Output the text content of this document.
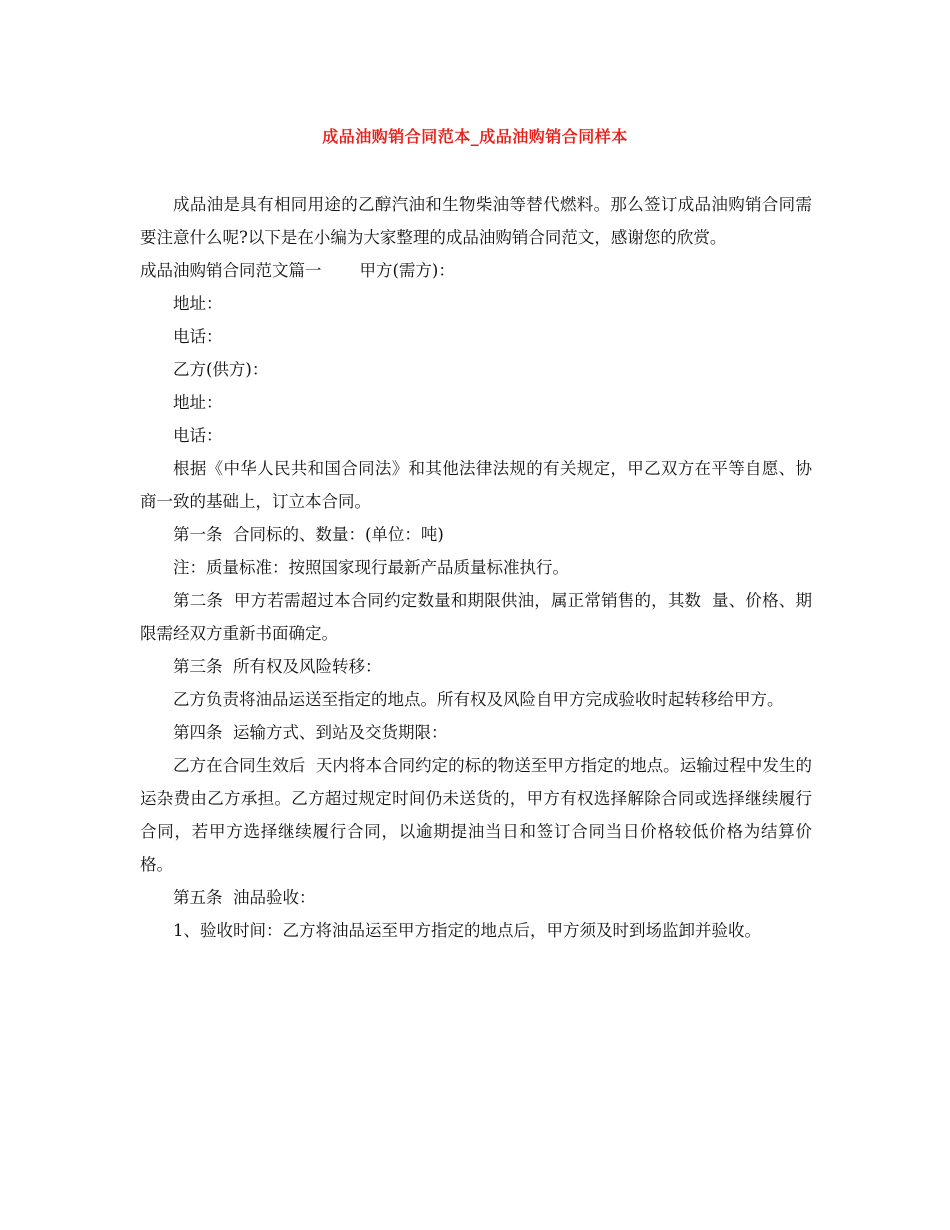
成品油购销合同范本_成品油购销合同样本

成品油是具有相同用途的乙醇汽油和生物柴油等替代燃料。那么签订成品油购销合同需要注意什么呢?以下是在小编为大家整理的成品油购销合同范文，感谢您的欣赏。

成品油购销合同范文篇一 甲方(需方)：

地址：

电话：

乙方(供方)：

地址：

电话：

根据《中华人民共和国合同法》和其他法律法规的有关规定，甲乙双方在平等自愿、协商一致的基础上，订立本合同。

第一条  合同标的、数量：(单位：吨)

注：质量标准：按照国家现行最新产品质量标准执行。

第二条  甲方若需超过本合同约定数量和期限供油，属正常销售的，其数  量、价格、期限需经双方重新书面确定。

第三条  所有权及风险转移：

乙方负责将油品运送至指定的地点。所有权及风险自甲方完成验收时起转移给甲方。

第四条  运输方式、到站及交货期限：

乙方在合同生效后  天内将本合同约定的标的物送至甲方指定的地点。运输过程中发生的运杂费由乙方承担。乙方超过规定时间仍未送货的，甲方有权选择解除合同或选择继续履行合同，若甲方选择继续履行合同，以逾期提油当日和签订合同当日价格较低价格为结算价格。

第五条  油品验收：

1、验收时间：乙方将油品运至甲方指定的地点后，甲方须及时到场监卸并验收。
